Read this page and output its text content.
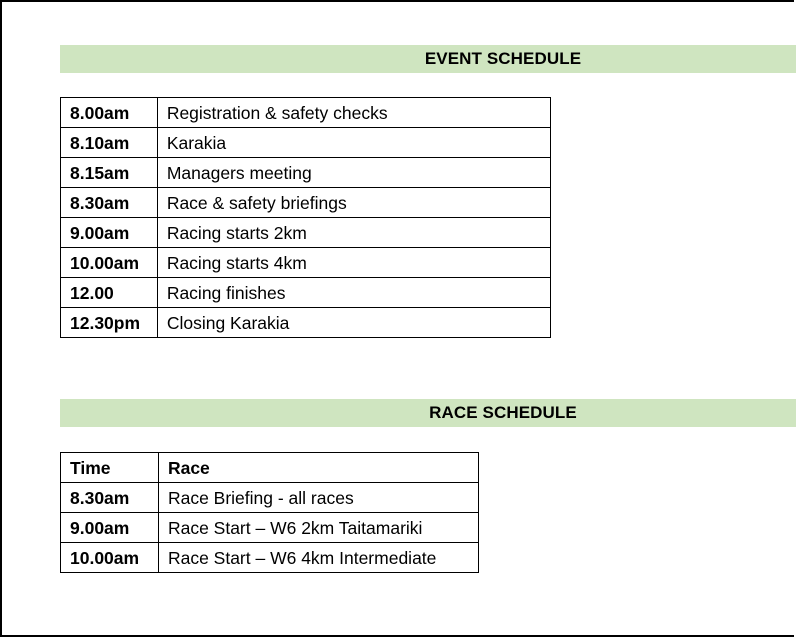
EVENT SCHEDULE
8.00am	Registration & safety checks
8.10am	Karakia
8.15am	Managers meeting
8.30am	Race & safety briefings
9.00am	Racing starts 2km
10.00am	Racing starts 4km
12.00	Racing finishes
12.30pm	Closing Karakia
RACE SCHEDULE
Time	Race
8.30am	Race Briefing - all races
9.00am	Race Start – W6 2km Taitamariki
10.00am	Race Start – W6 4km Intermediate
